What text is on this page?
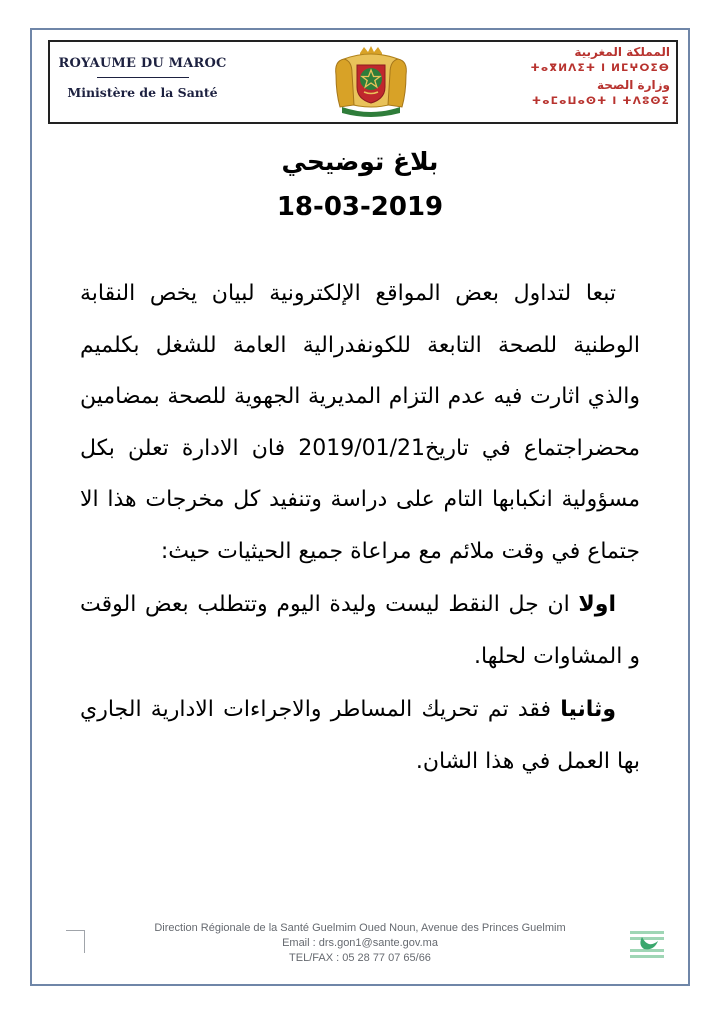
ROYAUME DU MAROC
Ministère de la Santé
المملكة المغربية
ⵜⴰⴳⵍⴷⵉⵜ ⵏ ⵍⵎⵖⵔⵉⴱ
وزارة الصحة
ⵜⴰⵎⴰⵡⴰⵙⵜ ⵏ ⵜⴷⵓⵙⵉ
بلاغ توضيحي
18-03-2019

تبعا لتداول بعض المواقع الإلكترونية لبيان يخص النقابة الوطنية للصحة التابعة للكونفدرالية العامة للشغل بكلميم والذي اثارت فيه عدم التزام المديرية الجهوية للصحة بمضامين محضراجتماع في تاريخ2019/01/21 فان الادارة تعلن بكل مسؤولية انكبابها التام على دراسة وتنفيد كل مخرجات هذا الا جتماع في وقت ملائم مع مراعاة جميع الحيثيات حيث:

اولا ان جل النقط ليست وليدة اليوم وتتطلب بعض الوقت و المشاوات لحلها.

وثانيا فقد تم تحريك المساطر والاجراءات الادارية الجاري بها العمل في هذا الشان.

Direction Régionale de la Santé Guelmim Oued Noun, Avenue des Princes Guelmim
Email : drs.gon1@sante.gov.ma
TEL/FAX : 05 28 77 07 65/66
